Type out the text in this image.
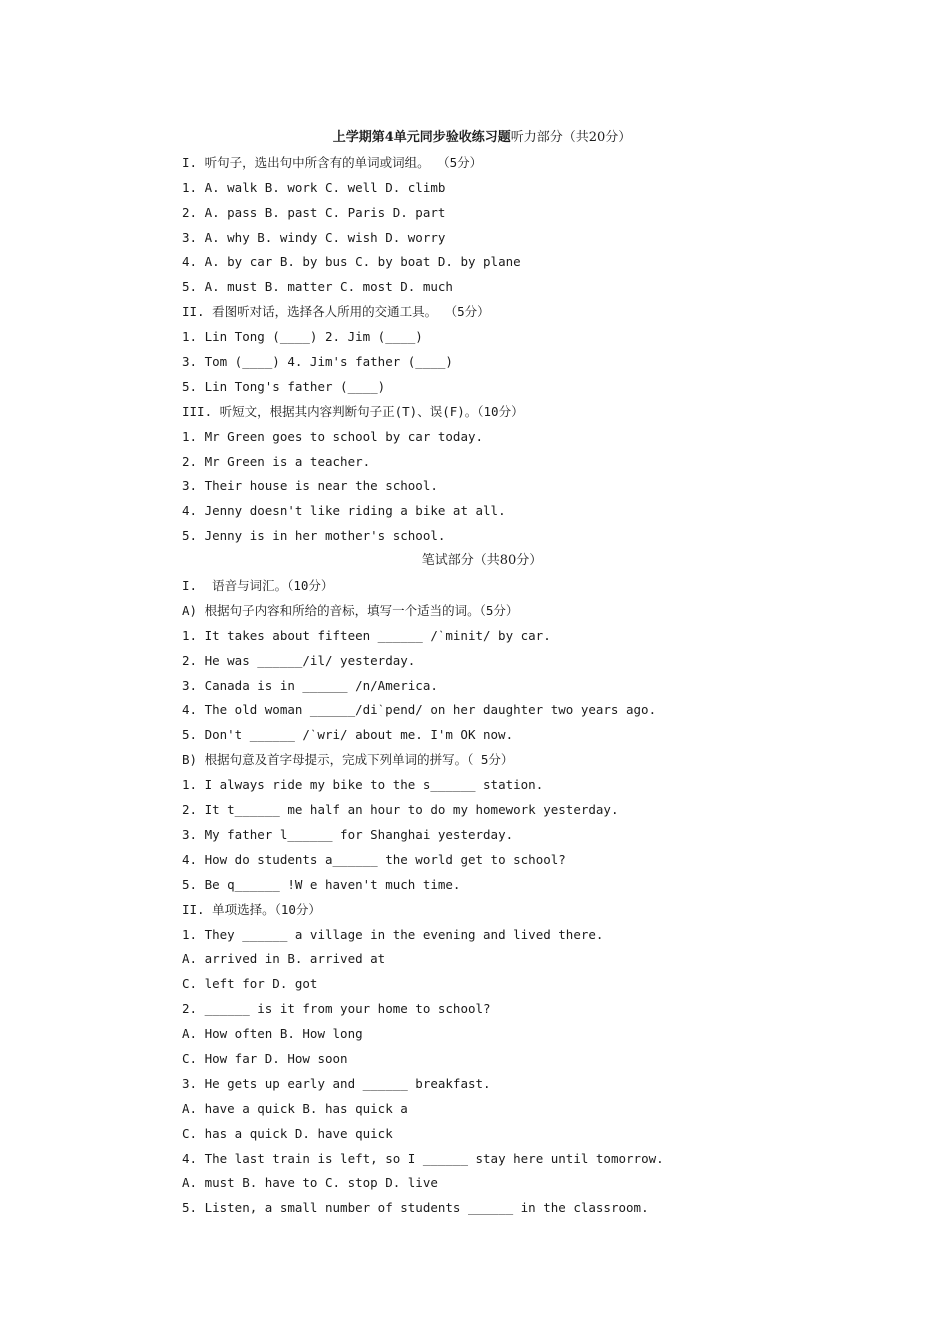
上学期第4单元同步验收练习题听力部分（共20分）
I. 听句子，选出句中所含有的单词或词组。 （5分）
1. A. walk B. work C. well D. climb
2. A. pass B. past C. Paris D. part
3. A. why B. windy C. wish D. worry
4. A. by car B. by bus C. by boat D. by plane
5. A. must B. matter C. most D. much
II. 看图听对话，选择各人所用的交通工具。 （5分）
1. Lin Tong (____) 2. Jim (____)
3. Tom (____) 4. Jim's father (____)
5. Lin Tong's father (____)
III. 听短文，根据其内容判断句子正(T)、误(F)。（10分）
1. Mr Green goes to school by car today.
2. Mr Green is a teacher.
3. Their house is near the school.
4. Jenny doesn't like riding a bike at all.
5. Jenny is in her mother's school.
笔试部分（共80分）
I.  语音与词汇。（10分）
A) 根据句子内容和所给的音标，填写一个适当的词。（5分）
1. It takes about fifteen ______ /ˋminit/ by car.
2. He was ______/il/ yesterday.
3. Canada is in ______ /n/America.
4. The old woman ______/diˋpend/ on her daughter two years ago.
5. Don't ______ /ˋwri/ about me. I'm OK now.
B) 根据句意及首字母提示，完成下列单词的拼写。（ 5分）
1. I always ride my bike to the s______ station.
2. It t______ me half an hour to do my homework yesterday.
3. My father l______ for Shanghai yesterday.
4. How do students a______ the world get to school?
5. Be q______ !W e haven't much time.
II. 单项选择。（10分）
1. They ______ a village in the evening and lived there.
A. arrived in B. arrived at
C. left for D. got
2. ______ is it from your home to school?
A. How often B. How long
C. How far D. How soon
3. He gets up early and ______ breakfast.
A. have a quick B. has quick a
C. has a quick D. have quick
4. The last train is left, so I ______ stay here until tomorrow.
A. must B. have to C. stop D. live
5. Listen, a small number of students ______ in the classroom.
